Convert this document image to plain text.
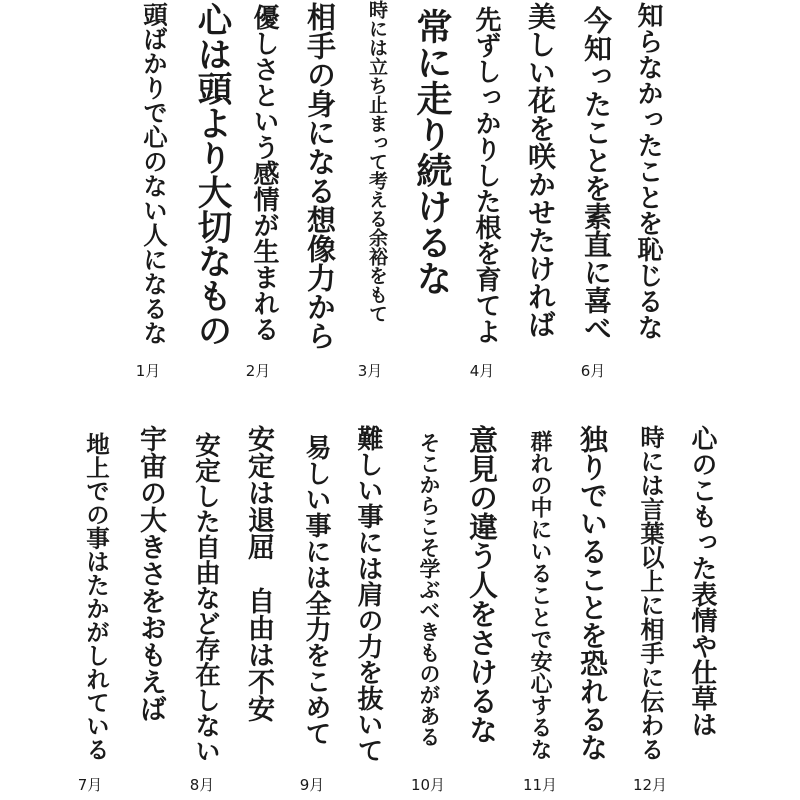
心は頭より大切なもの
頭ばかりで心のない人になるな
1月
相手の身になる想像力から
優しさという感情が生まれる
2月
常に走り続けるな
時には立ち止まって考える余裕をもて
3月
美しい花を咲かせたければ
先ずしっかりした根を育てよ
4月
知らなかったことを恥じるな
今知ったことを素直に喜べ
6月
宇宙の大きさをおもえば
地上での事はたかがしれている
7月
安定は退屈　自由は不安
安定した自由など存在しない
8月
難しい事には肩の力を抜いて
易しい事には全力をこめて
9月
意見の違う人をさけるな
そこからこそ学ぶべきものがある
10月
独りでいることを恐れるな
群れの中にいることで安心するな
11月
心のこもった表情や仕草は
時には言葉以上に相手に伝わる
12月
